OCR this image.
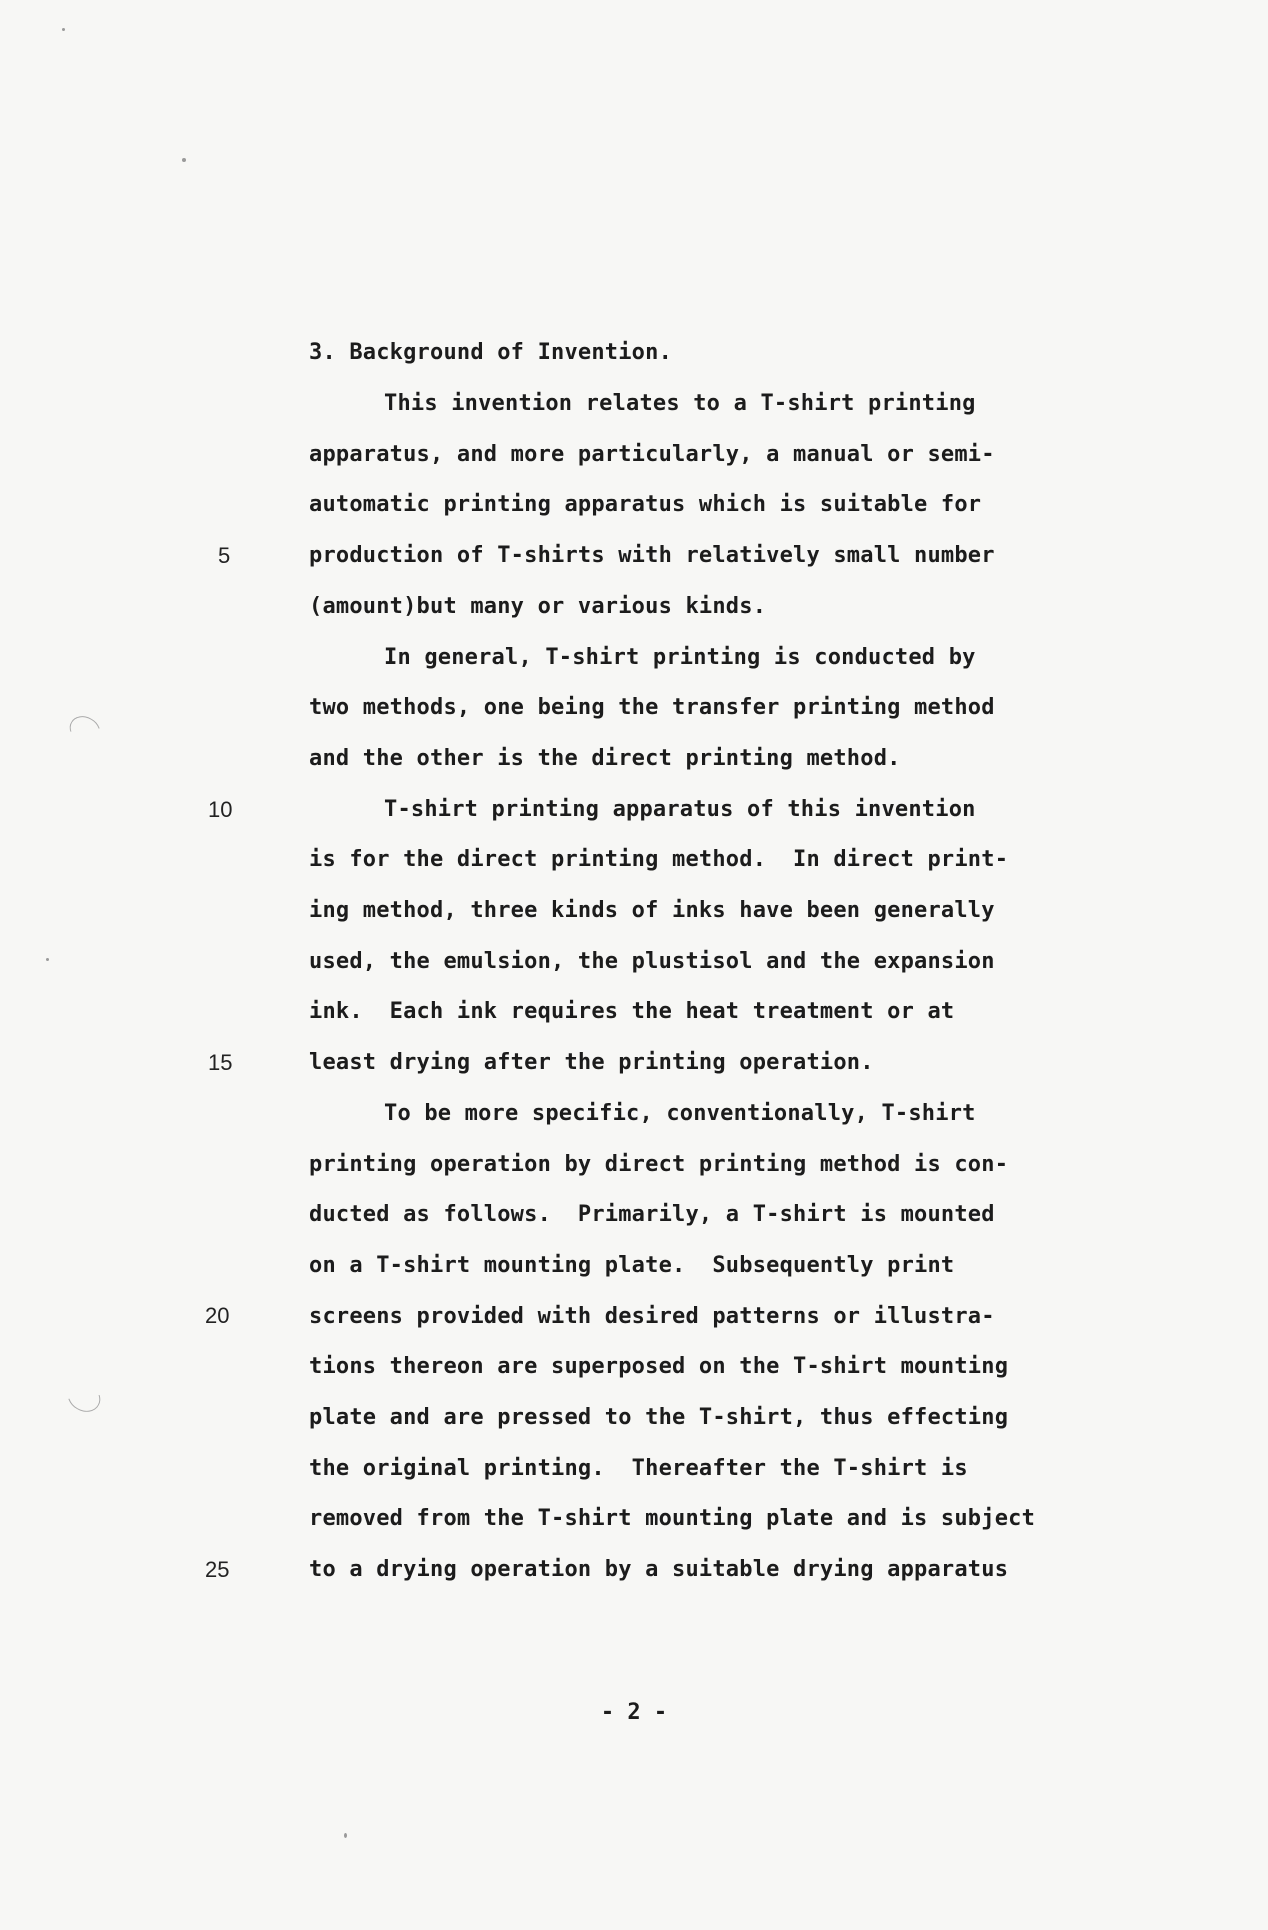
3. Background of Invention.
This invention relates to a T-shirt printing
apparatus, and more particularly, a manual or semi-
automatic printing apparatus which is suitable for
production of T-shirts with relatively small number
(amount)but many or various kinds.
In general, T-shirt printing is conducted by
two methods, one being the transfer printing method
and the other is the direct printing method.
T-shirt printing apparatus of this invention
is for the direct printing method.  In direct print-
ing method, three kinds of inks have been generally
used, the emulsion, the plustisol and the expansion
ink.  Each ink requires the heat treatment or at
least drying after the printing operation.
To be more specific, conventionally, T-shirt
printing operation by direct printing method is con-
ducted as follows.  Primarily, a T-shirt is mounted
on a T-shirt mounting plate.  Subsequently print
screens provided with desired patterns or illustra-
tions thereon are superposed on the T-shirt mounting
plate and are pressed to the T-shirt, thus effecting
the original printing.  Thereafter the T-shirt is
removed from the T-shirt mounting plate and is subject
to a drying operation by a suitable drying apparatus
5
10
15
20
25
- 2 -
